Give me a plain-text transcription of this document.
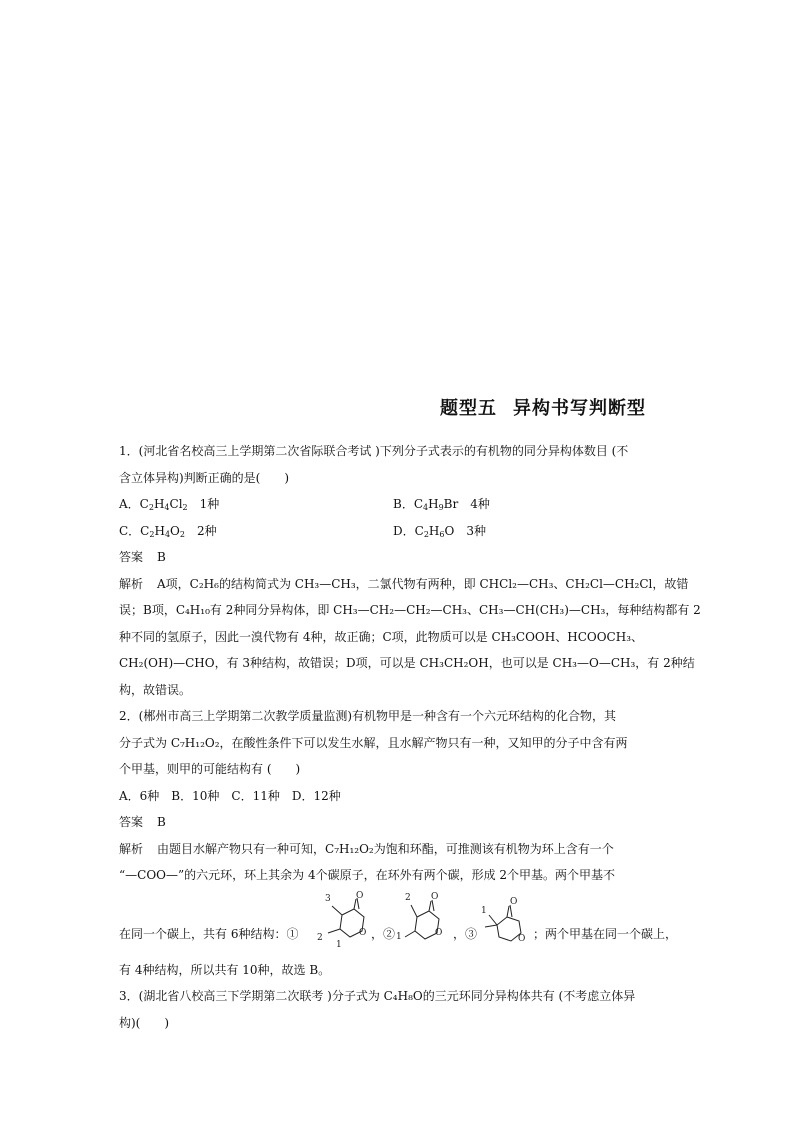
题型五 异构书写判断型
1．(河北省名校高三上学期第二次省际联合考试 )下列分子式表示的有机物的同分异构体数目 (不
含立体异构)判断正确的是(　　)
A．$C_2H_4Cl_2$　1种	B．$C_4H_9Br$　4种
C．$C_2H_4O_2$　2种	D．$C_2H_6O$　3种
答案 B
解析 A项，C₂H₆的结构简式为 CH₃—CH₃，二氯代物有两种，即 CHCl₂—CH₃、CH₂Cl—CH₂Cl，故错
误；B项，C₄H₁₀有 2种同分异构体，即 CH₃—CH₂—CH₂—CH₃、CH₃—CH(CH₃)—CH₃，每种结构都有 2
种不同的氢原子，因此一溴代物有 4种，故正确；C项，此物质可以是 CH₃COOH、HCOOCH₃、
CH₂(OH)—CHO，有 3种结构，故错误；D项，可以是 CH₃CH₂OH，也可以是 CH₃—O—CH₃，有 2种结
构，故错误。
2．(郴州市高三上学期第二次教学质量监测)有机物甲是一种含有一个六元环结构的化合物，其
分子式为 C₇H₁₂O₂，在酸性条件下可以发生水解，且水解产物只有一种，又知甲的分子中含有两
个甲基，则甲的可能结构有 (　　)
A．6种　B．10种　C．11种　D．12种
答案 B
解析 由题目水解产物只有一种可知，C₇H₁₂O₂为饱和环酯，可推测该有机物为环上含有一个
“—COO—”的六元环，环上其余为 4个碳原子，在环外有两个碳，形成 2个甲基。两个甲基不
在同一个碳上，共有 6种结构：①
O
O
3
2
1
，②
O
O
2
1	，③
O
O
1
；两个甲基在同一个碳上，
有 4种结构，所以共有 10种，故选 B。
3．(湖北省八校高三下学期第二次联考 )分子式为 C₄H₈O的三元环同分异构体共有 (不考虑立体异
构)(　　)
